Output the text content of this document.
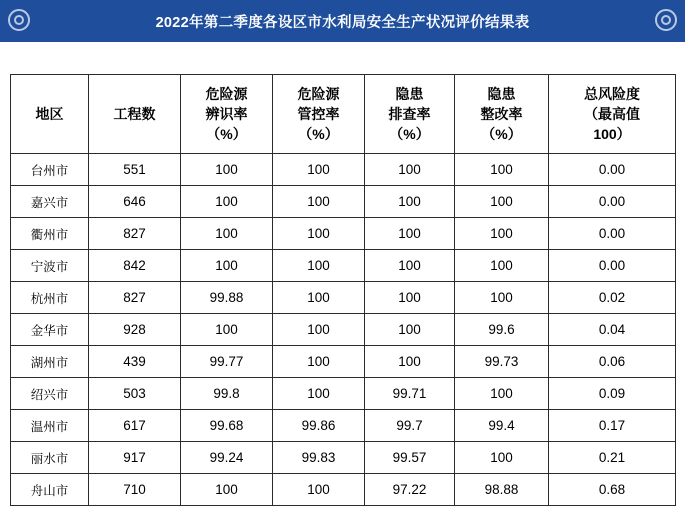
2022年第二季度各设区市水利局安全生产状况评价结果表
地区	工程数	危险源
辨识率
（%）	危险源
管控率
（%）	隐患
排查率
（%）	隐患
整改率
（%）	总风险度
（最高值
100）

台州市	551	100	100	100	100	0.00
嘉兴市	646	100	100	100	100	0.00
衢州市	827	100	100	100	100	0.00
宁波市	842	100	100	100	100	0.00
杭州市	827	99.88	100	100	100	0.02
金华市	928	100	100	100	99.6	0.04
湖州市	439	99.77	100	100	99.73	0.06
绍兴市	503	99.8	100	99.71	100	0.09
温州市	617	99.68	99.86	99.7	99.4	0.17
丽水市	917	99.24	99.83	99.57	100	0.21
舟山市	710	100	100	97.22	98.88	0.68
